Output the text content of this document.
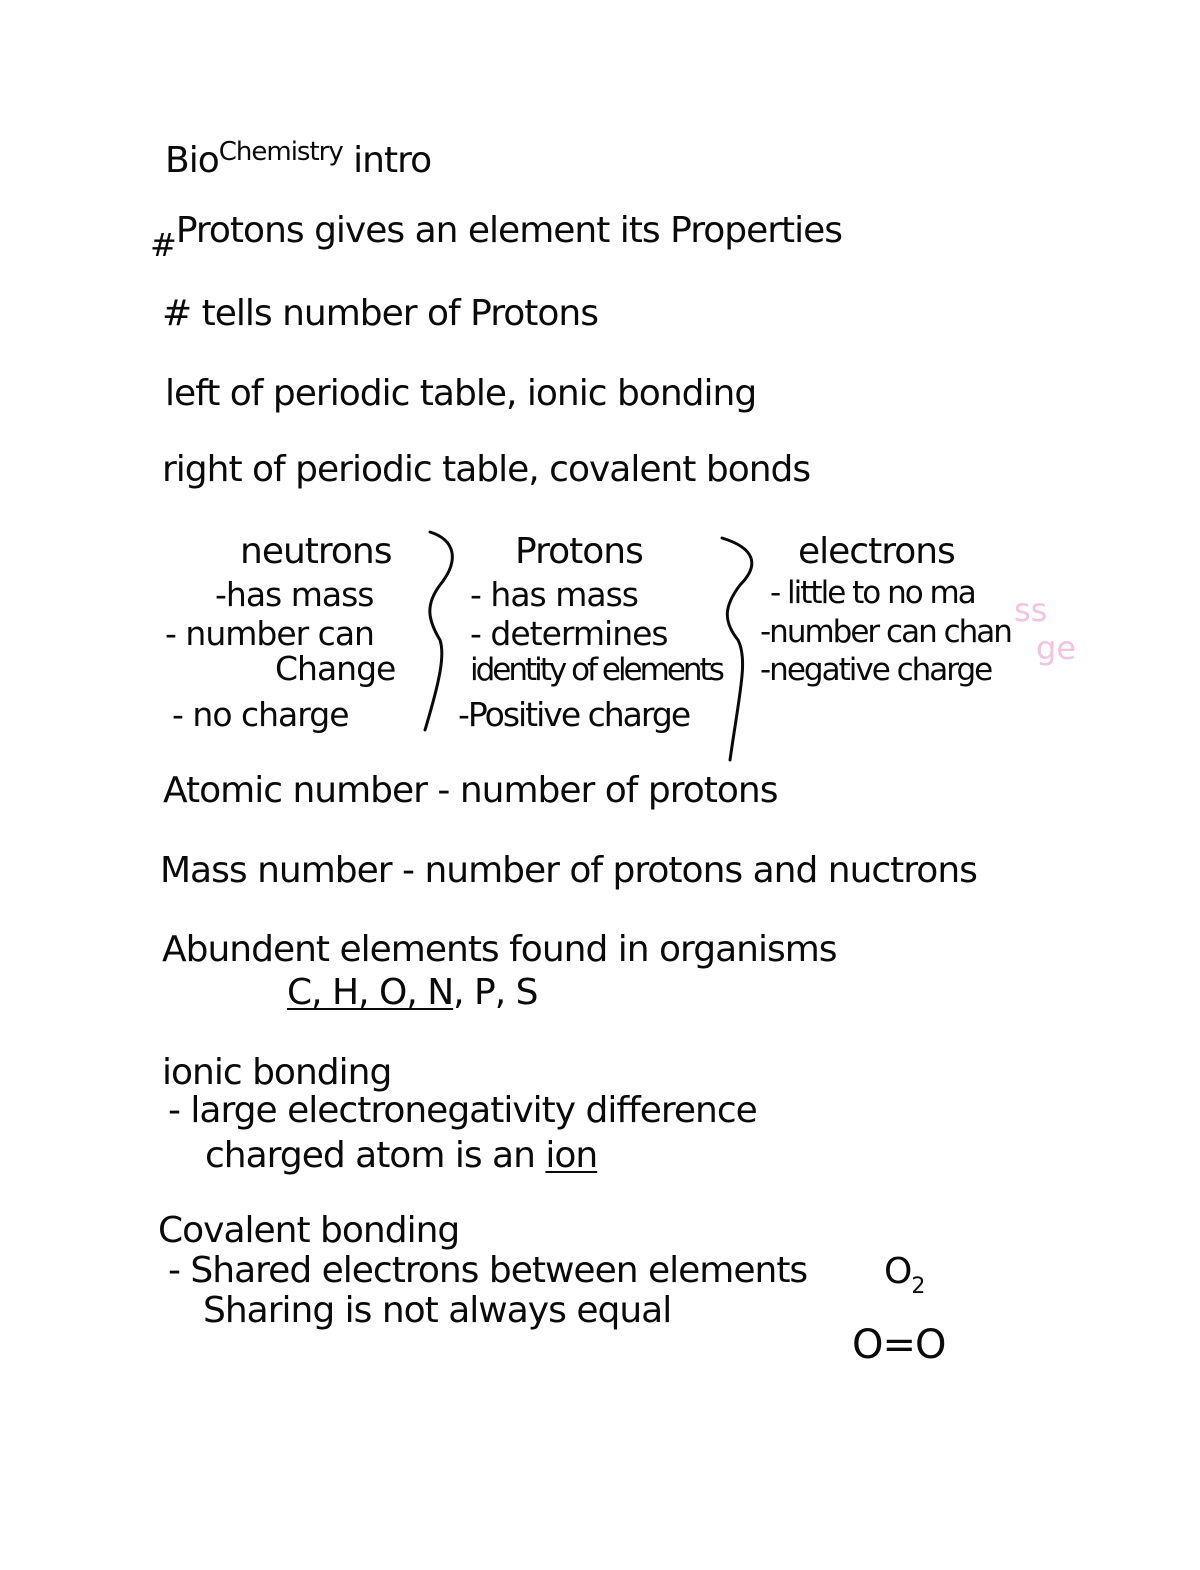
Bio$^{Chemistry}$ intro
#Protons gives an element its Properties
# tells number of Protons
left of periodic table, ionic bonding
right of periodic table, covalent bonds
neutrons
-has mass
- number can
Change
- no charge
Protons
- has mass
- determines
identity of elements
-Positive charge
electrons
- little to no ma
-number can chan
-negative charge
ss
ge
Atomic number - number of protons
Mass number - number of protons and nuctrons
Abundent elements found in organisms
C, H, O, N, P, S
ionic bonding
- large electronegativity difference
charged atom is an ion
Covalent bonding
- Shared electrons between elements
Sharing is not always equal
$O_2$
O=O
